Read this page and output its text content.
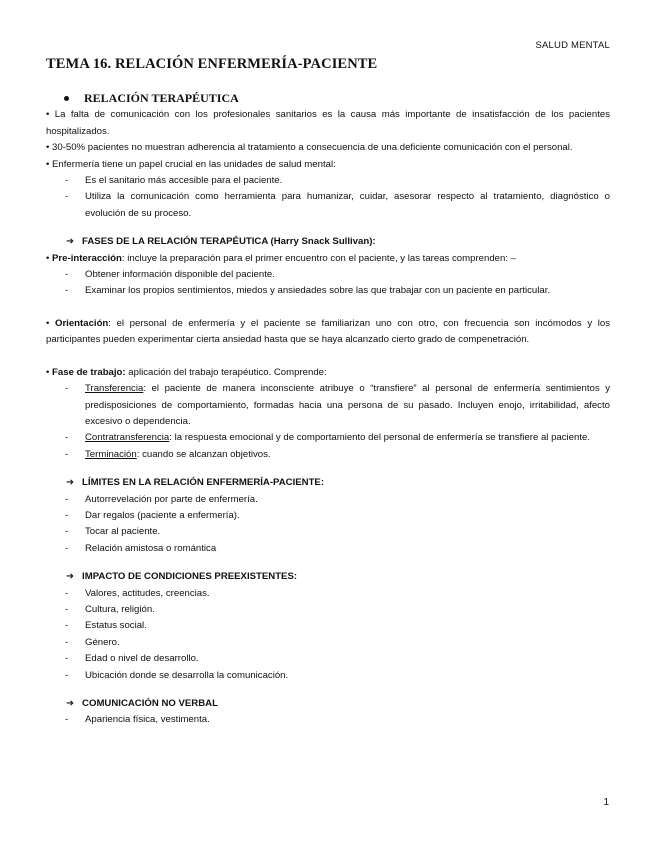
SALUD MENTAL
TEMA 16. RELACIÓN ENFERMERÍA-PACIENTE
RELACIÓN TERAPÉUTICA
• La falta de comunicación con los profesionales sanitarios es la causa más importante de insatisfacción de los pacientes hospitalizados.
• 30-50% pacientes no muestran adherencia al tratamiento a consecuencia de una deficiente comunicación con el personal.
• Enfermería tiene un papel crucial en las unidades de salud mental:
- Es el sanitario más accesible para el paciente.
- Utiliza la comunicación como herramienta para humanizar, cuidar, asesorar respecto al tratamiento, diagnóstico o evolución de su proceso.
➔ FASES DE LA RELACIÓN TERAPÉUTICA (Harry Snack Sullivan):
• Pre-interacción: incluye la preparación para el primer encuentro con el paciente, y las tareas comprenden: –
- Obtener información disponible del paciente.
- Examinar los propios sentimientos, miedos y ansiedades sobre las que trabajar con un paciente en particular.
• Orientación: el personal de enfermería y el paciente se familiarizan uno con otro, con frecuencia son incómodos y los participantes pueden experimentar cierta ansiedad hasta que se haya alcanzado cierto grado de compenetración.
• Fase de trabajo: aplicación del trabajo terapéutico. Comprende:
- Transferencia: el paciente de manera inconsciente atribuye o “transfiere” al personal de enfermería sentimientos y predisposiciones de comportamiento, formadas hacia una persona de su pasado. Incluyen enojo, irritabilidad, afecto excesivo o dependencia.
- Contratransferencia: la respuesta emocional y de comportamiento del personal de enfermería se transfiere al paciente.
- Terminación: cuando se alcanzan objetivos.
➔ LÍMITES EN LA RELACIÓN ENFERMERÍA-PACIENTE:
- Autorrevelación por parte de enfermería.
- Dar regalos (paciente a enfermería).
- Tocar al paciente.
- Relación amistosa o romántica
➔ IMPACTO DE CONDICIONES PREEXISTENTES:
- Valores, actitudes, creencias.
- Cultura, religión.
- Estatus social.
- Género.
- Edad o nivel de desarrollo.
- Ubicación donde se desarrolla la comunicación.
➔ COMUNICACIÓN NO VERBAL
- Apariencia física, vestimenta.
1
